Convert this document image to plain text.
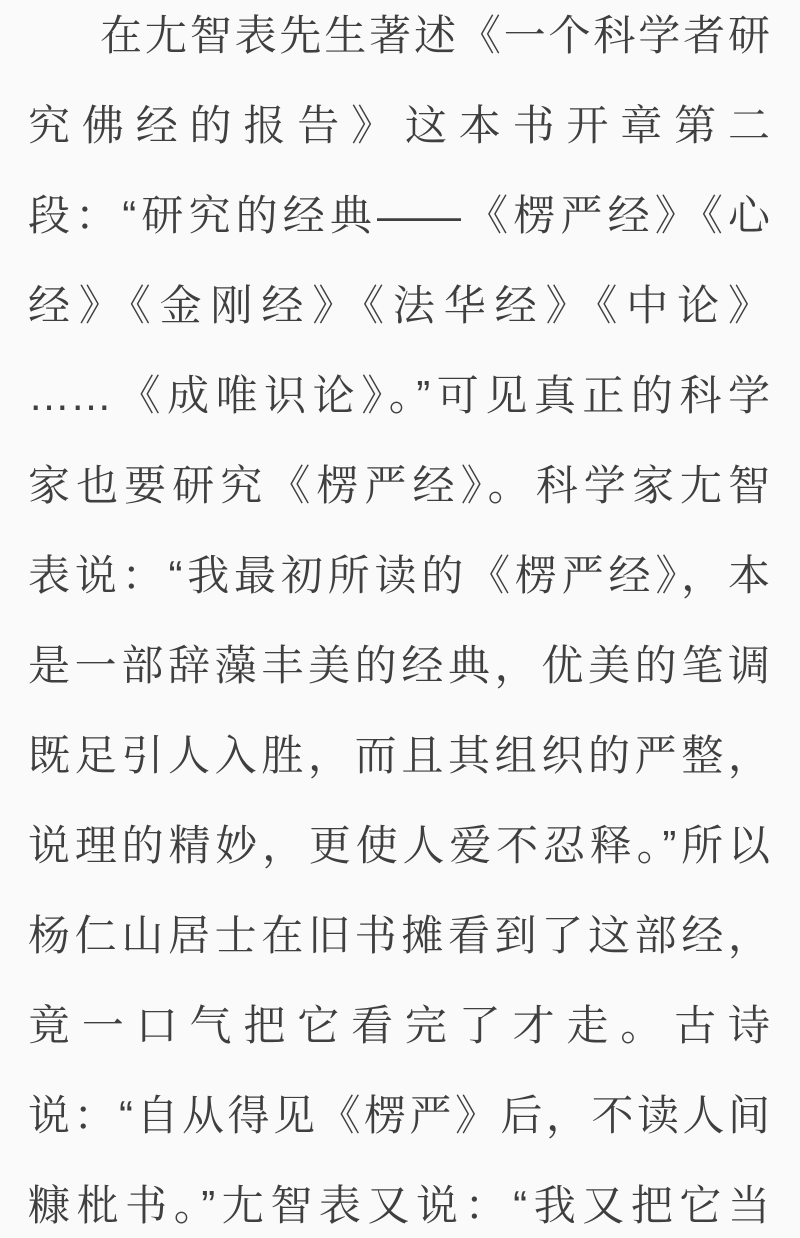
在尢智表先生著述《一个科学者研
究佛经的报告》这本书开章第二
段：“研究的经典——《楞严经》《心
经》《金刚经》《法华经》《中论》
……《成唯识论》。”可见真正的科学
家也要研究《楞严经》。科学家尢智
表说：“我最初所读的《楞严经》，本
是一部辞藻丰美的经典，优美的笔调
既足引人入胜，而且其组织的严整，
说理的精妙，更使人爱不忍释。”所以
杨仁山居士在旧书摊看到了这部经，
竟一口气把它看完了才走。古诗
说：“自从得见《楞严》后，不读人间
糠枇书。”尢智表又说：“我又把它当
